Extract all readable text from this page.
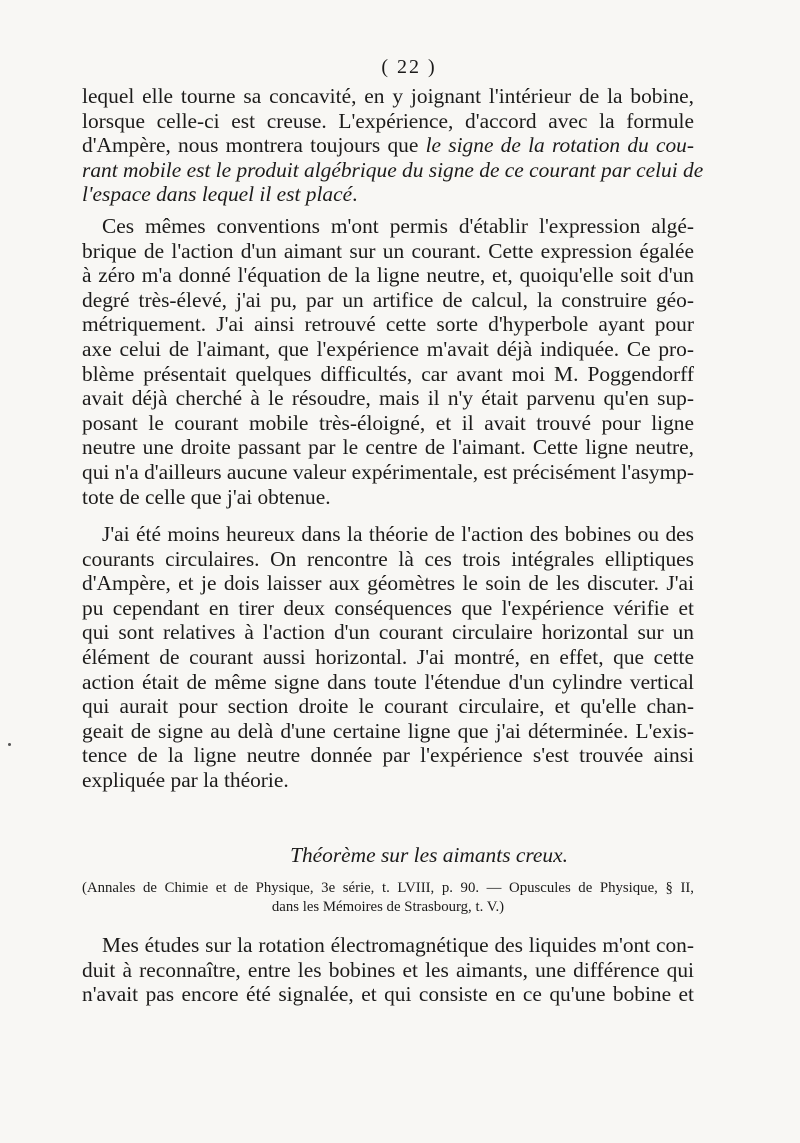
( 22 )
lequel elle tourne sa concavité, en y joignant l'intérieur de la bobine,
lorsque celle-ci est creuse. L'expérience, d'accord avec la formule
d'Ampère, nous montrera toujours que le signe de la rotation du cou-
rant mobile est le produit algébrique du signe de ce courant par celui de
l'espace dans lequel il est placé.
Ces mêmes conventions m'ont permis d'établir l'expression algé-
brique de l'action d'un aimant sur un courant. Cette expression égalée
à zéro m'a donné l'équation de la ligne neutre, et, quoiqu'elle soit d'un
degré très-élevé, j'ai pu, par un artifice de calcul, la construire géo-
métriquement. J'ai ainsi retrouvé cette sorte d'hyperbole ayant pour
axe celui de l'aimant, que l'expérience m'avait déjà indiquée. Ce pro-
blème présentait quelques difficultés, car avant moi M. Poggendorff
avait déjà cherché à le résoudre, mais il n'y était parvenu qu'en sup-
posant le courant mobile très-éloigné, et il avait trouvé pour ligne
neutre une droite passant par le centre de l'aimant. Cette ligne neutre,
qui n'a d'ailleurs aucune valeur expérimentale, est précisément l'asymp-
tote de celle que j'ai obtenue.
J'ai été moins heureux dans la théorie de l'action des bobines ou des
courants circulaires. On rencontre là ces trois intégrales elliptiques
d'Ampère, et je dois laisser aux géomètres le soin de les discuter. J'ai
pu cependant en tirer deux conséquences que l'expérience vérifie et
qui sont relatives à l'action d'un courant circulaire horizontal sur un
élément de courant aussi horizontal. J'ai montré, en effet, que cette
action était de même signe dans toute l'étendue d'un cylindre vertical
qui aurait pour section droite le courant circulaire, et qu'elle chan-
geait de signe au delà d'une certaine ligne que j'ai déterminée. L'exis-
tence de la ligne neutre donnée par l'expérience s'est trouvée ainsi
expliquée par la théorie.
Théorème sur les aimants creux.
(Annales de Chimie et de Physique, 3e série, t. LVIII, p. 90. — Opuscules de Physique, § II,
dans les Mémoires de Strasbourg, t. V.)
Mes études sur la rotation électromagnétique des liquides m'ont con-
duit à reconnaître, entre les bobines et les aimants, une différence qui
n'avait pas encore été signalée, et qui consiste en ce qu'une bobine et
